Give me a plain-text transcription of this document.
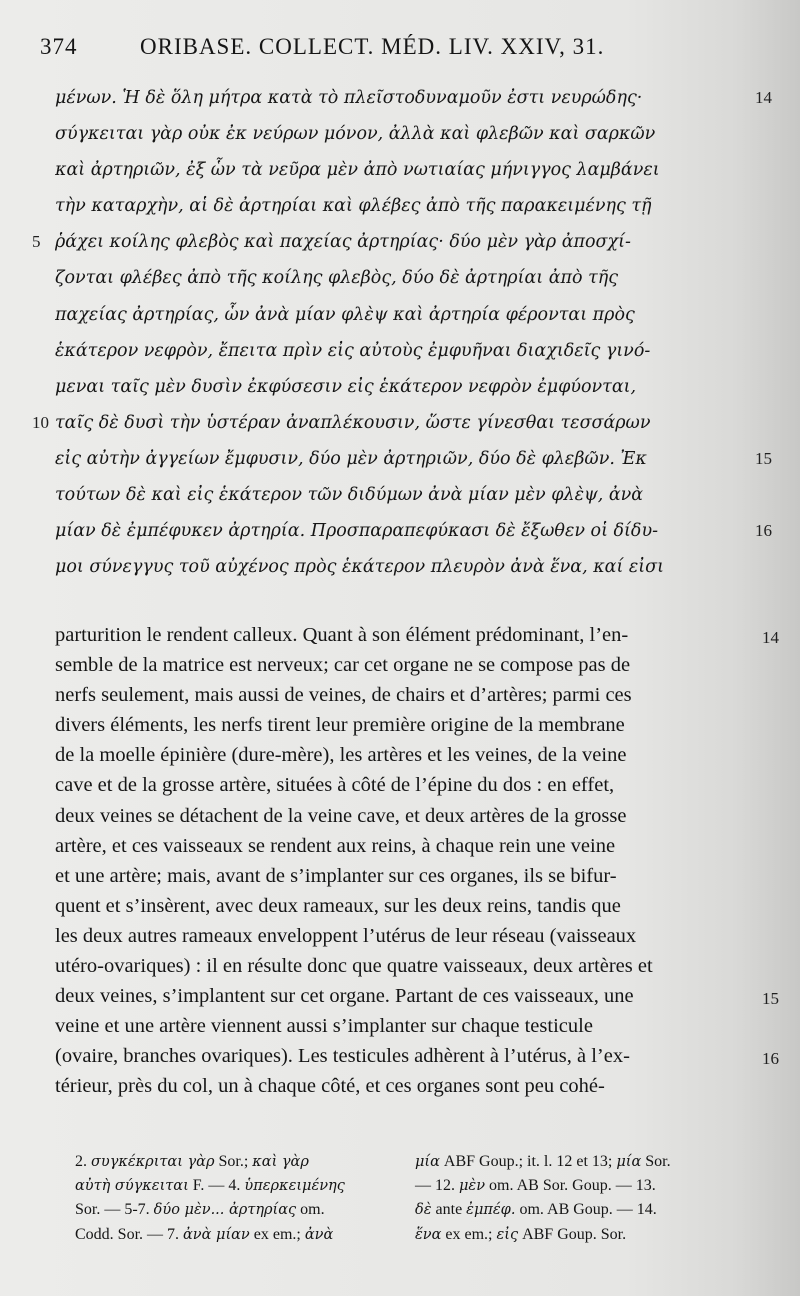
374	ORIBASE. COLLECT. MÉD. LIV. XXIV, 31.
μένων. Ἡ δὲ ὅλη μήτρα κατὰ τὸ πλεῖστοδυναμοῦν ἐστι νευρώδης·
σύγκειται γὰρ οὐκ ἐκ νεύρων μόνον, ἀλλὰ καὶ φλεβῶν καὶ σαρκῶν
καὶ ἀρτηριῶν, ἐξ ὧν τὰ νεῦρα μὲν ἀπὸ νωτιαίας μήνιγγος λαμβάνει
τὴν καταρχὴν, αἱ δὲ ἀρτηρίαι καὶ φλέβες ἀπὸ τῆς παρακειμένης τῇ
ῥάχει κοίλης φλεβὸς καὶ παχείας ἀρτηρίας· δύο μὲν γὰρ ἀποσχί-
ζονται φλέβες ἀπὸ τῆς κοίλης φλεβὸς, δύο δὲ ἀρτηρίαι ἀπὸ τῆς
παχείας ἀρτηρίας, ὧν ἀνὰ μίαν φλὲψ καὶ ἀρτηρία φέρονται πρὸς
ἑκάτερον νεφρὸν, ἔπειτα πρὶν εἰς αὐτοὺς ἐμφυῆναι διαχιδεῖς γινό-
μεναι ταῖς μὲν δυσὶν ἐκφύσεσιν εἰς ἑκάτερον νεφρὸν ἐμφύονται,
ταῖς δὲ δυσὶ τὴν ὑστέραν ἀναπλέκουσιν, ὥστε γίνεσθαι τεσσάρων
εἰς αὐτὴν ἀγγείων ἔμφυσιν, δύο μὲν ἀρτηριῶν, δύο δὲ φλεβῶν. Ἐκ
τούτων δὲ καὶ εἰς ἑκάτερον τῶν διδύμων ἀνὰ μίαν μὲν φλὲψ, ἀνὰ
μίαν δὲ ἐμπέφυκεν ἀρτηρία. Προσπαραπεφύκασι δὲ ἔξωθεν οἱ δίδυ-
μοι σύνεγγυς τοῦ αὐχένος πρὸς ἑκάτερον πλευρὸν ἀνὰ ἕνα, καί εἰσι
parturition le rendent calleux. Quant à son élément prédominant, l’en-
semble de la matrice est nerveux; car cet organe ne se compose pas de
nerfs seulement, mais aussi de veines, de chairs et d’artères; parmi ces
divers éléments, les nerfs tirent leur première origine de la membrane
de la moelle épinière (dure-mère), les artères et les veines, de la veine
cave et de la grosse artère, situées à côté de l’épine du dos : en effet,
deux veines se détachent de la veine cave, et deux artères de la grosse
artère, et ces vaisseaux se rendent aux reins, à chaque rein une veine
et une artère; mais, avant de s’implanter sur ces organes, ils se bifur-
quent et s’insèrent, avec deux rameaux, sur les deux reins, tandis que
les deux autres rameaux enveloppent l’utérus de leur réseau (vaisseaux
utéro-ovariques) : il en résulte donc que quatre vaisseaux, deux artères et
deux veines, s’implantent sur cet organe. Partant de ces vaisseaux, une
veine et une artère viennent aussi s’implanter sur chaque testicule
(ovaire, branches ovariques). Les testicules adhèrent à l’utérus, à l’ex-
térieur, près du col, un à chaque côté, et ces organes sont peu cohé-
2. συγκέκριται γὰρ Sor.; καὶ γὰρ
αὐτὴ σύγκειται F. — 4. ὑπερκειμένης
Sor. — 5-7. δύο μὲν... ἀρτηρίας om.
Codd. Sor. — 7. ἀνὰ μίαν ex em.; ἀνὰ
μία ABF Goup.; it. l. 12 et 13; μία Sor.
— 12. μὲν om. AB Sor. Goup. — 13.
δὲ ante ἐμπέφ. om. AB Goup. — 14.
ἕνα ex em.; εἰς ABF Goup. Sor.
5
10
14
15
16
14
15
16
